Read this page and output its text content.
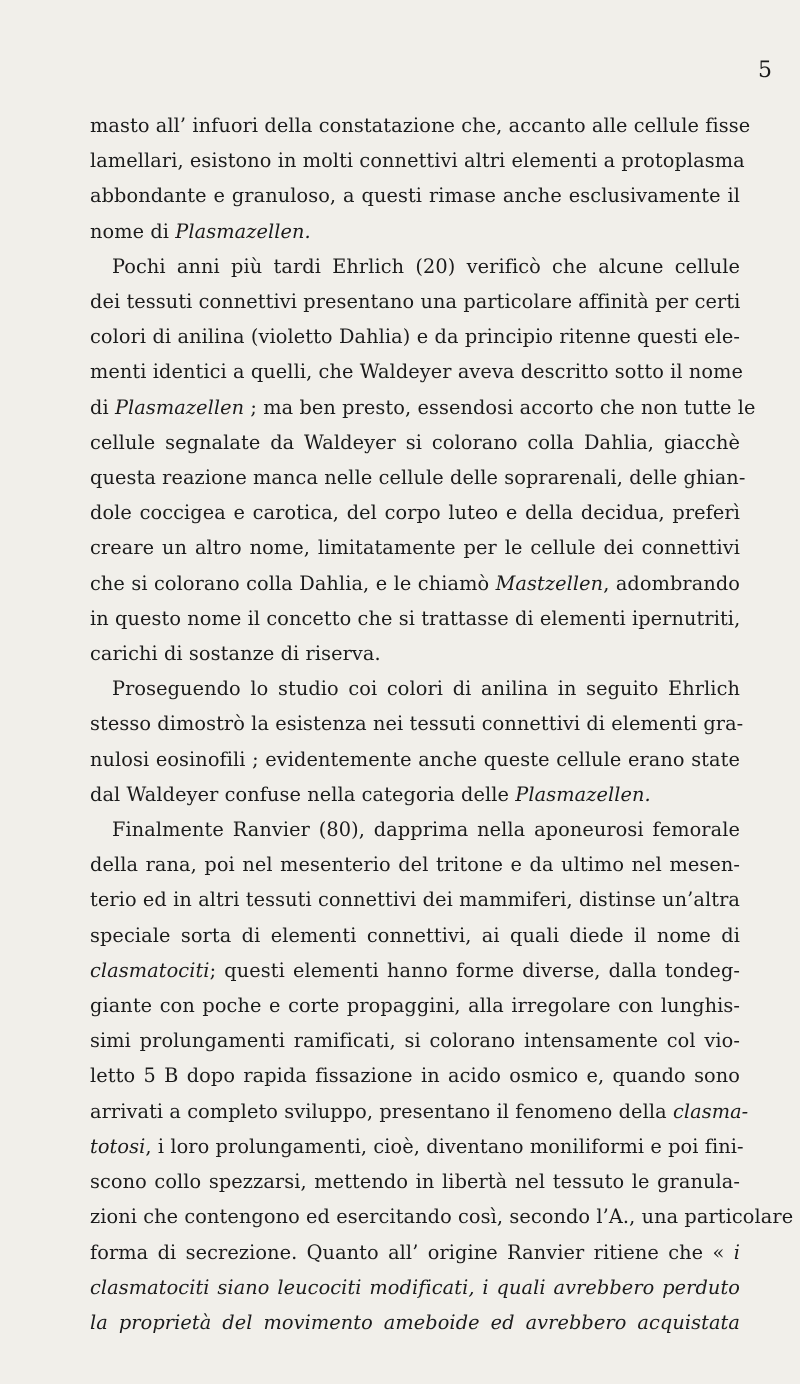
5
masto all’ infuori della constatazione che, accanto alle cellule fisse
lamellari, esistono in molti connettivi altri elementi a protoplasma
abbondante e granuloso, a questi rimase anche esclusivamente il
nome di Plasmazellen.
Pochi anni più tardi Ehrlich (20) verificò che alcune cellule
dei tessuti connettivi presentano una particolare affinità per certi
colori di anilina (violetto Dahlia) e da principio ritenne questi ele-
menti identici a quelli, che Waldeyer aveva descritto sotto il nome
di Plasmazellen ; ma ben presto, essendosi accorto che non tutte le
cellule segnalate da Waldeyer si colorano colla Dahlia, giacchè
questa reazione manca nelle cellule delle soprarenali, delle ghian-
dole coccigea e carotica, del corpo luteo e della decidua, preferì
creare un altro nome, limitatamente per le cellule dei connettivi
che si colorano colla Dahlia, e le chiamò Mastzellen, adombrando
in questo nome il concetto che si trattasse di elementi ipernutriti,
carichi di sostanze di riserva.
Proseguendo lo studio coi colori di anilina in seguito Ehrlich
stesso dimostrò la esistenza nei tessuti connettivi di elementi gra-
nulosi eosinofili ; evidentemente anche queste cellule erano state
dal Waldeyer confuse nella categoria delle Plasmazellen.
Finalmente Ranvier (80), dapprima nella aponeurosi femorale
della rana, poi nel mesenterio del tritone e da ultimo nel mesen-
terio ed in altri tessuti connettivi dei mammiferi, distinse un’altra
speciale sorta di elementi connettivi, ai quali diede il nome di
clasmatociti; questi elementi hanno forme diverse, dalla tondeg-
giante con poche e corte propaggini, alla irregolare con lunghis-
simi prolungamenti ramificati, si colorano intensamente col vio-
letto 5 B dopo rapida fissazione in acido osmico e, quando sono
arrivati a completo sviluppo, presentano il fenomeno della clasma-
totosi, i loro prolungamenti, cioè, diventano moniliformi e poi fini-
scono collo spezzarsi, mettendo in libertà nel tessuto le granula-
zioni che contengono ed esercitando così, secondo l’A., una particolare
forma di secrezione. Quanto all’ origine Ranvier ritiene che « i
clasmatociti siano leucociti modificati, i quali avrebbero perduto
la proprietà del movimento ameboide ed avrebbero acquistata
